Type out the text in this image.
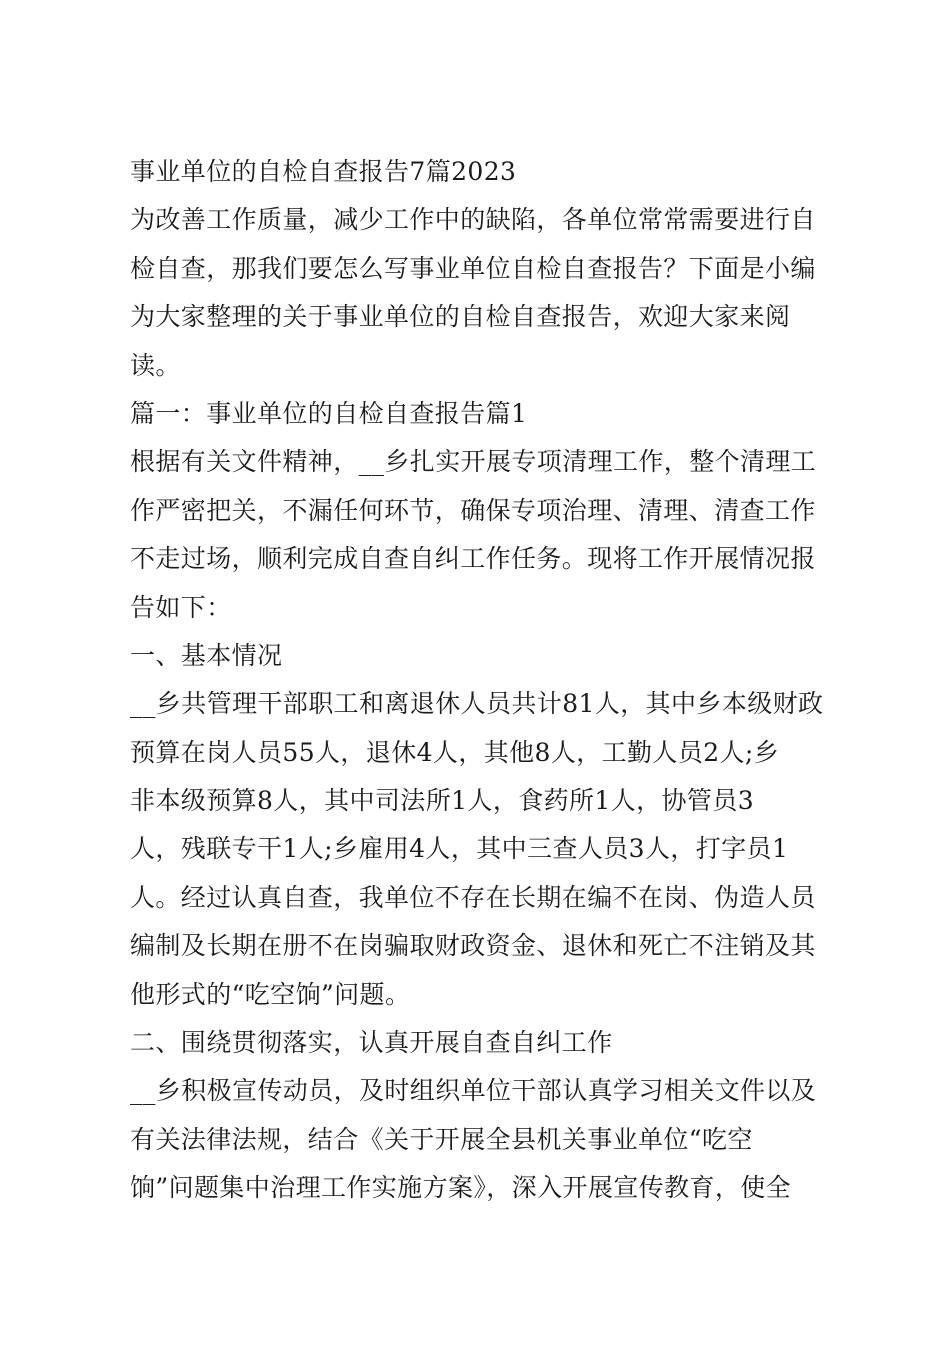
事业单位的自检自查报告7篇2023
为改善工作质量，减少工作中的缺陷，各单位常常需要进行自
检自查，那我们要怎么写事业单位自检自查报告？下面是小编
为大家整理的关于事业单位的自检自查报告，欢迎大家来阅
读。
篇一：事业单位的自检自查报告篇1
根据有关文件精神，__乡扎实开展专项清理工作，整个清理工
作严密把关，不漏任何环节，确保专项治理、清理、清查工作
不走过场，顺利完成自查自纠工作任务。现将工作开展情况报
告如下：
一、基本情况
__乡共管理干部职工和离退休人员共计81人，其中乡本级财政
预算在岗人员55人，退休4人，其他8人，工勤人员2人;乡
非本级预算8人，其中司法所1人，食药所1人，协管员3
人，残联专干1人;乡雇用4人，其中三查人员3人，打字员1
人。经过认真自查，我单位不存在长期在编不在岗、伪造人员
编制及长期在册不在岗骗取财政资金、退休和死亡不注销及其
他形式的“吃空饷”问题。
二、围绕贯彻落实，认真开展自查自纠工作
__乡积极宣传动员，及时组织单位干部认真学习相关文件以及
有关法律法规，结合《关于开展全县机关事业单位“吃空
饷”问题集中治理工作实施方案》，深入开展宣传教育，使全
